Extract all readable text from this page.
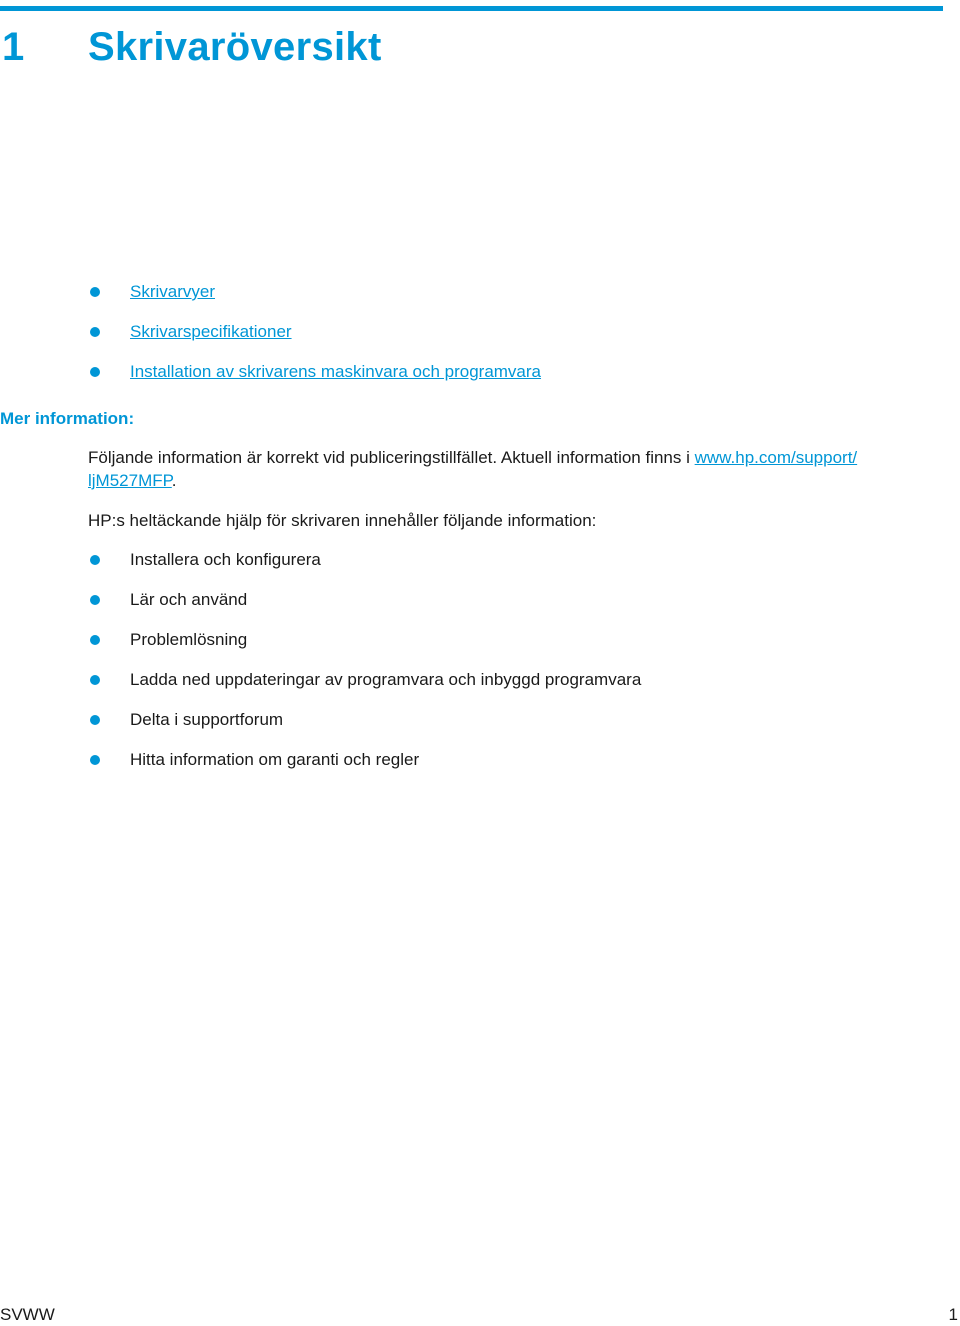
1	Skrivaröversikt
Skrivarvyer
Skrivarspecifikationer
Installation av skrivarens maskinvara och programvara
Mer information:

Följande information är korrekt vid publiceringstillfället. Aktuell information finns i www.hp.com/support/ ljM527MFP.

HP:s heltäckande hjälp för skrivaren innehåller följande information:

Installera och konfigurera
Lär och använd
Problemlösning
Ladda ned uppdateringar av programvara och inbyggd programvara
Delta i supportforum
Hitta information om garanti och regler
SVWW	1
